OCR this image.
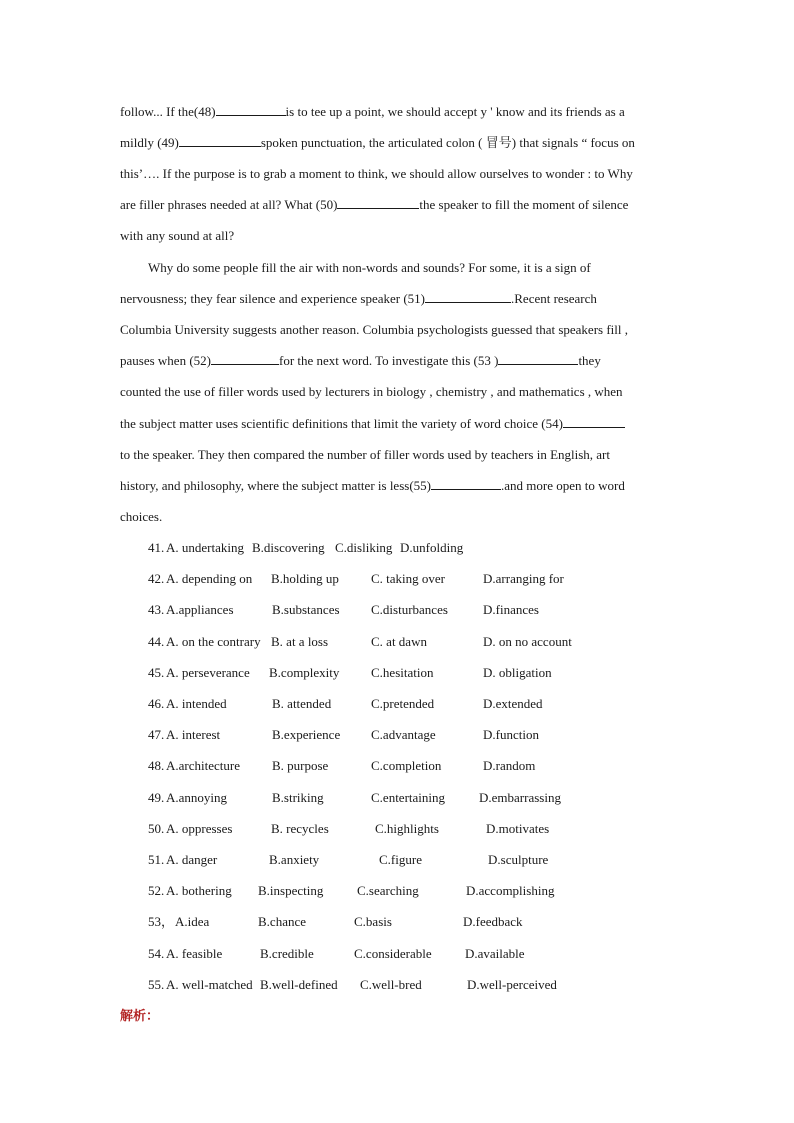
follow... If the(48)	is to tee up a point, we should accept y ' know and its friends as a
mildly (49)	spoken punctuation, the articulated colon ( 冒号) that signals “ focus on
this’…. If the purpose is to grab a moment to think, we should allow ourselves to wonder : to Why
are filler phrases needed at all? What (50)	the speaker to fill the moment of silence
with any sound at all?
Why do some people fill the air with non-words and sounds? For some, it is a sign of
nervousness; they fear silence and experience speaker (51)	.Recent research
Columbia University suggests another reason. Columbia psychologists guessed that speakers fill ,
pauses when (52)	for the next word. To investigate this (53 )	they
counted the use of filler words used by lecturers in biology , chemistry , and mathematics , when
the subject matter uses scientific definitions that limit the variety of word choice (54)
to the speaker. They then compared the number of filler words used by teachers in English, art
history, and philosophy, where the subject matter is less(55)	.and more open to word
choices.
41. A. undertaking B.discovering C.disliking D.unfolding
42. A. depending on B.holding up C. taking over	D.arranging for
43. A.appliances	B.substances C.disturbances	D.finances
44. A. on the contrary B. at a loss	C. at dawn	D. on no account
45. A. perseverance B.complexity C.hesitation	D. obligation
46. A. intended	B. attended	C.pretended	D.extended
47. A. interest	B.experience C.advantage	D.function
48. A.architecture B. purpose	C.completion	D.random
49. A.annoying	B.striking	C.entertaining	D.embarrassing
50. A. oppresses	B. recycles	C.highlights	D.motivates
51. A. danger	B.anxiety	C.figure	D.sculpture
52. A. bothering B.inspecting	C.searching	D.accomplishing
53， A.idea	B.chance	C.basis	D.feedback
54. A. feasible	B.credible	C.considerable	D.available
55. A. well-matched B.well-defined C.well-bred	D.well-perceived
解析：
